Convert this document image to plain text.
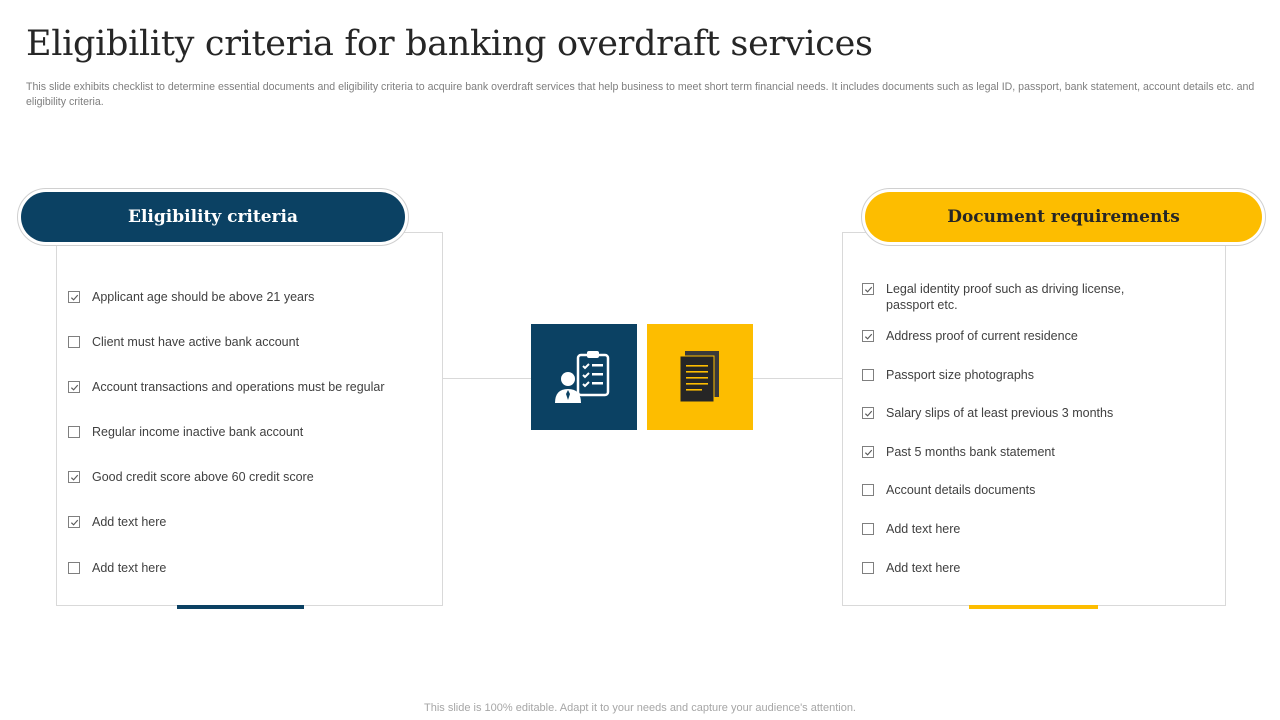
Eligibility criteria for banking overdraft services
This slide exhibits checklist to determine essential documents and eligibility criteria to acquire bank overdraft services that help business to meet short term financial needs. It includes documents such as legal ID, passport, bank statement, account details etc. and eligibility criteria.
Eligibility criteria
Applicant age should be above 21 years
Client must have active bank account
Account transactions and operations must be regular
Regular income inactive bank account
Good credit score above 60 credit score
Add text here
Add text here
Document requirements
Legal identity proof such as driving license, passport etc.
Address proof of current residence
Passport size photographs
Salary slips of at least previous 3 months
Past 5 months bank statement
Account details documents
Add text here
Add text here
This slide is 100% editable. Adapt it to your needs and capture your audience's attention.
